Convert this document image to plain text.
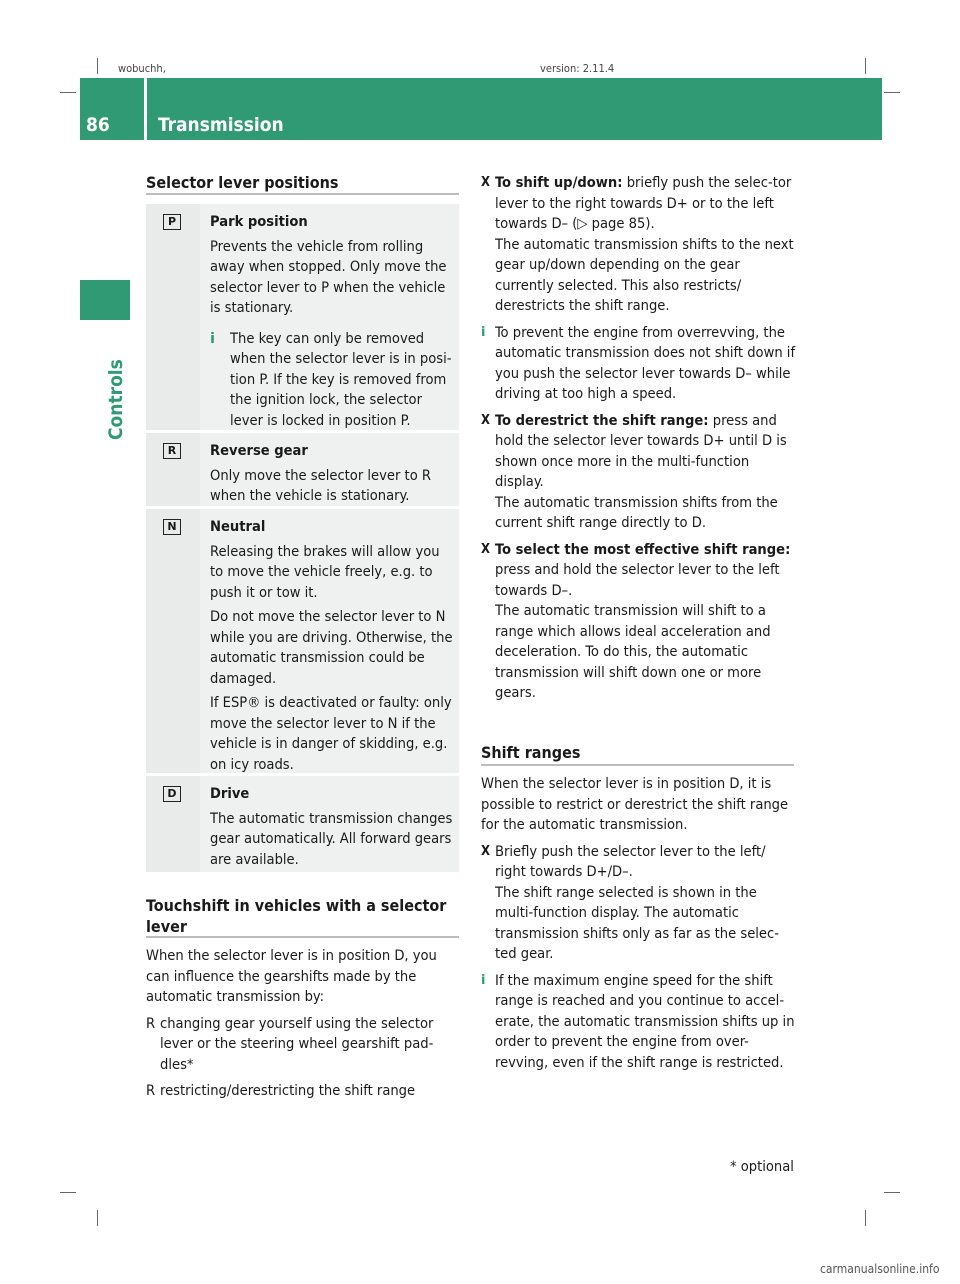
wobuchh,	version: 2.11.4
86	Transmission
Controls
Selector lever positions
P	Park position

Prevents the vehicle from rolling away when stopped. Only move the selector lever to P when the vehicle is stationary.

i	The key can only be removed when the selector lever is in posi-tion P. If the key is removed from the ignition lock, the selector lever is locked in position P.
R	Reverse gear

Only move the selector lever to R when the vehicle is stationary.

N	Neutral

Releasing the brakes will allow you to move the vehicle freely, e.g. to push it or tow it.

Do not move the selector lever to N while you are driving. Otherwise, the automatic transmission could be damaged.

If ESP® is deactivated or faulty: only move the selector lever to N if the vehicle is in danger of skidding, e.g. on icy roads.

D	Drive

The automatic transmission changes gear automatically. All forward gears are available.

Touchshift in vehicles with a selector lever

When the selector lever is in position D, you can influence the gearshifts made by the automatic transmission by:

R changing gear yourself using the selector lever or the steering wheel gearshift pad-dles*

R restricting/derestricting the shift range

X To shift up/down: briefly push the selec-tor lever to the right towards D+ or to the left towards D– (▷ page 85).
The automatic transmission shifts to the next gear up/down depending on the gear currently selected. This also restricts/ derestricts the shift range.

i To prevent the engine from overrevving, the automatic transmission does not shift down if you push the selector lever towards D– while driving at too high a speed.

X To derestrict the shift range: press and hold the selector lever towards D+ until D is shown once more in the multi-function display.
The automatic transmission shifts from the current shift range directly to D.

X To select the most effective shift range: press and hold the selector lever to the left towards D–.
The automatic transmission will shift to a range which allows ideal acceleration and deceleration. To do this, the automatic transmission will shift down one or more gears.

Shift ranges

When the selector lever is in position D, it is possible to restrict or derestrict the shift range for the automatic transmission.

X Briefly push the selector lever to the left/ right towards D+/D–.
The shift range selected is shown in the multi-function display. The automatic transmission shifts only as far as the selec-ted gear.

i If the maximum engine speed for the shift range is reached and you continue to accel-erate, the automatic transmission shifts up in order to prevent the engine from over-revving, even if the shift range is restricted.

* optional
carmanualsonline.info
